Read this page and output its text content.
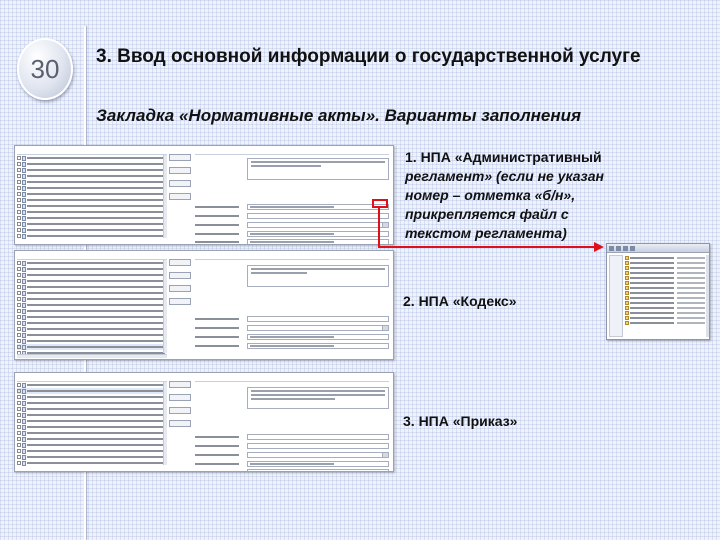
30 3. Ввод основной информации о государственной услуге
Закладка «Нормативные акты». Варианты заполнения
1. НПА «Административный
регламент» (если не указан номер – отметка «б/н», прикрепляется файл с текстом регламента)
2. НПА «Кодекс»
3. НПА «Приказ»
